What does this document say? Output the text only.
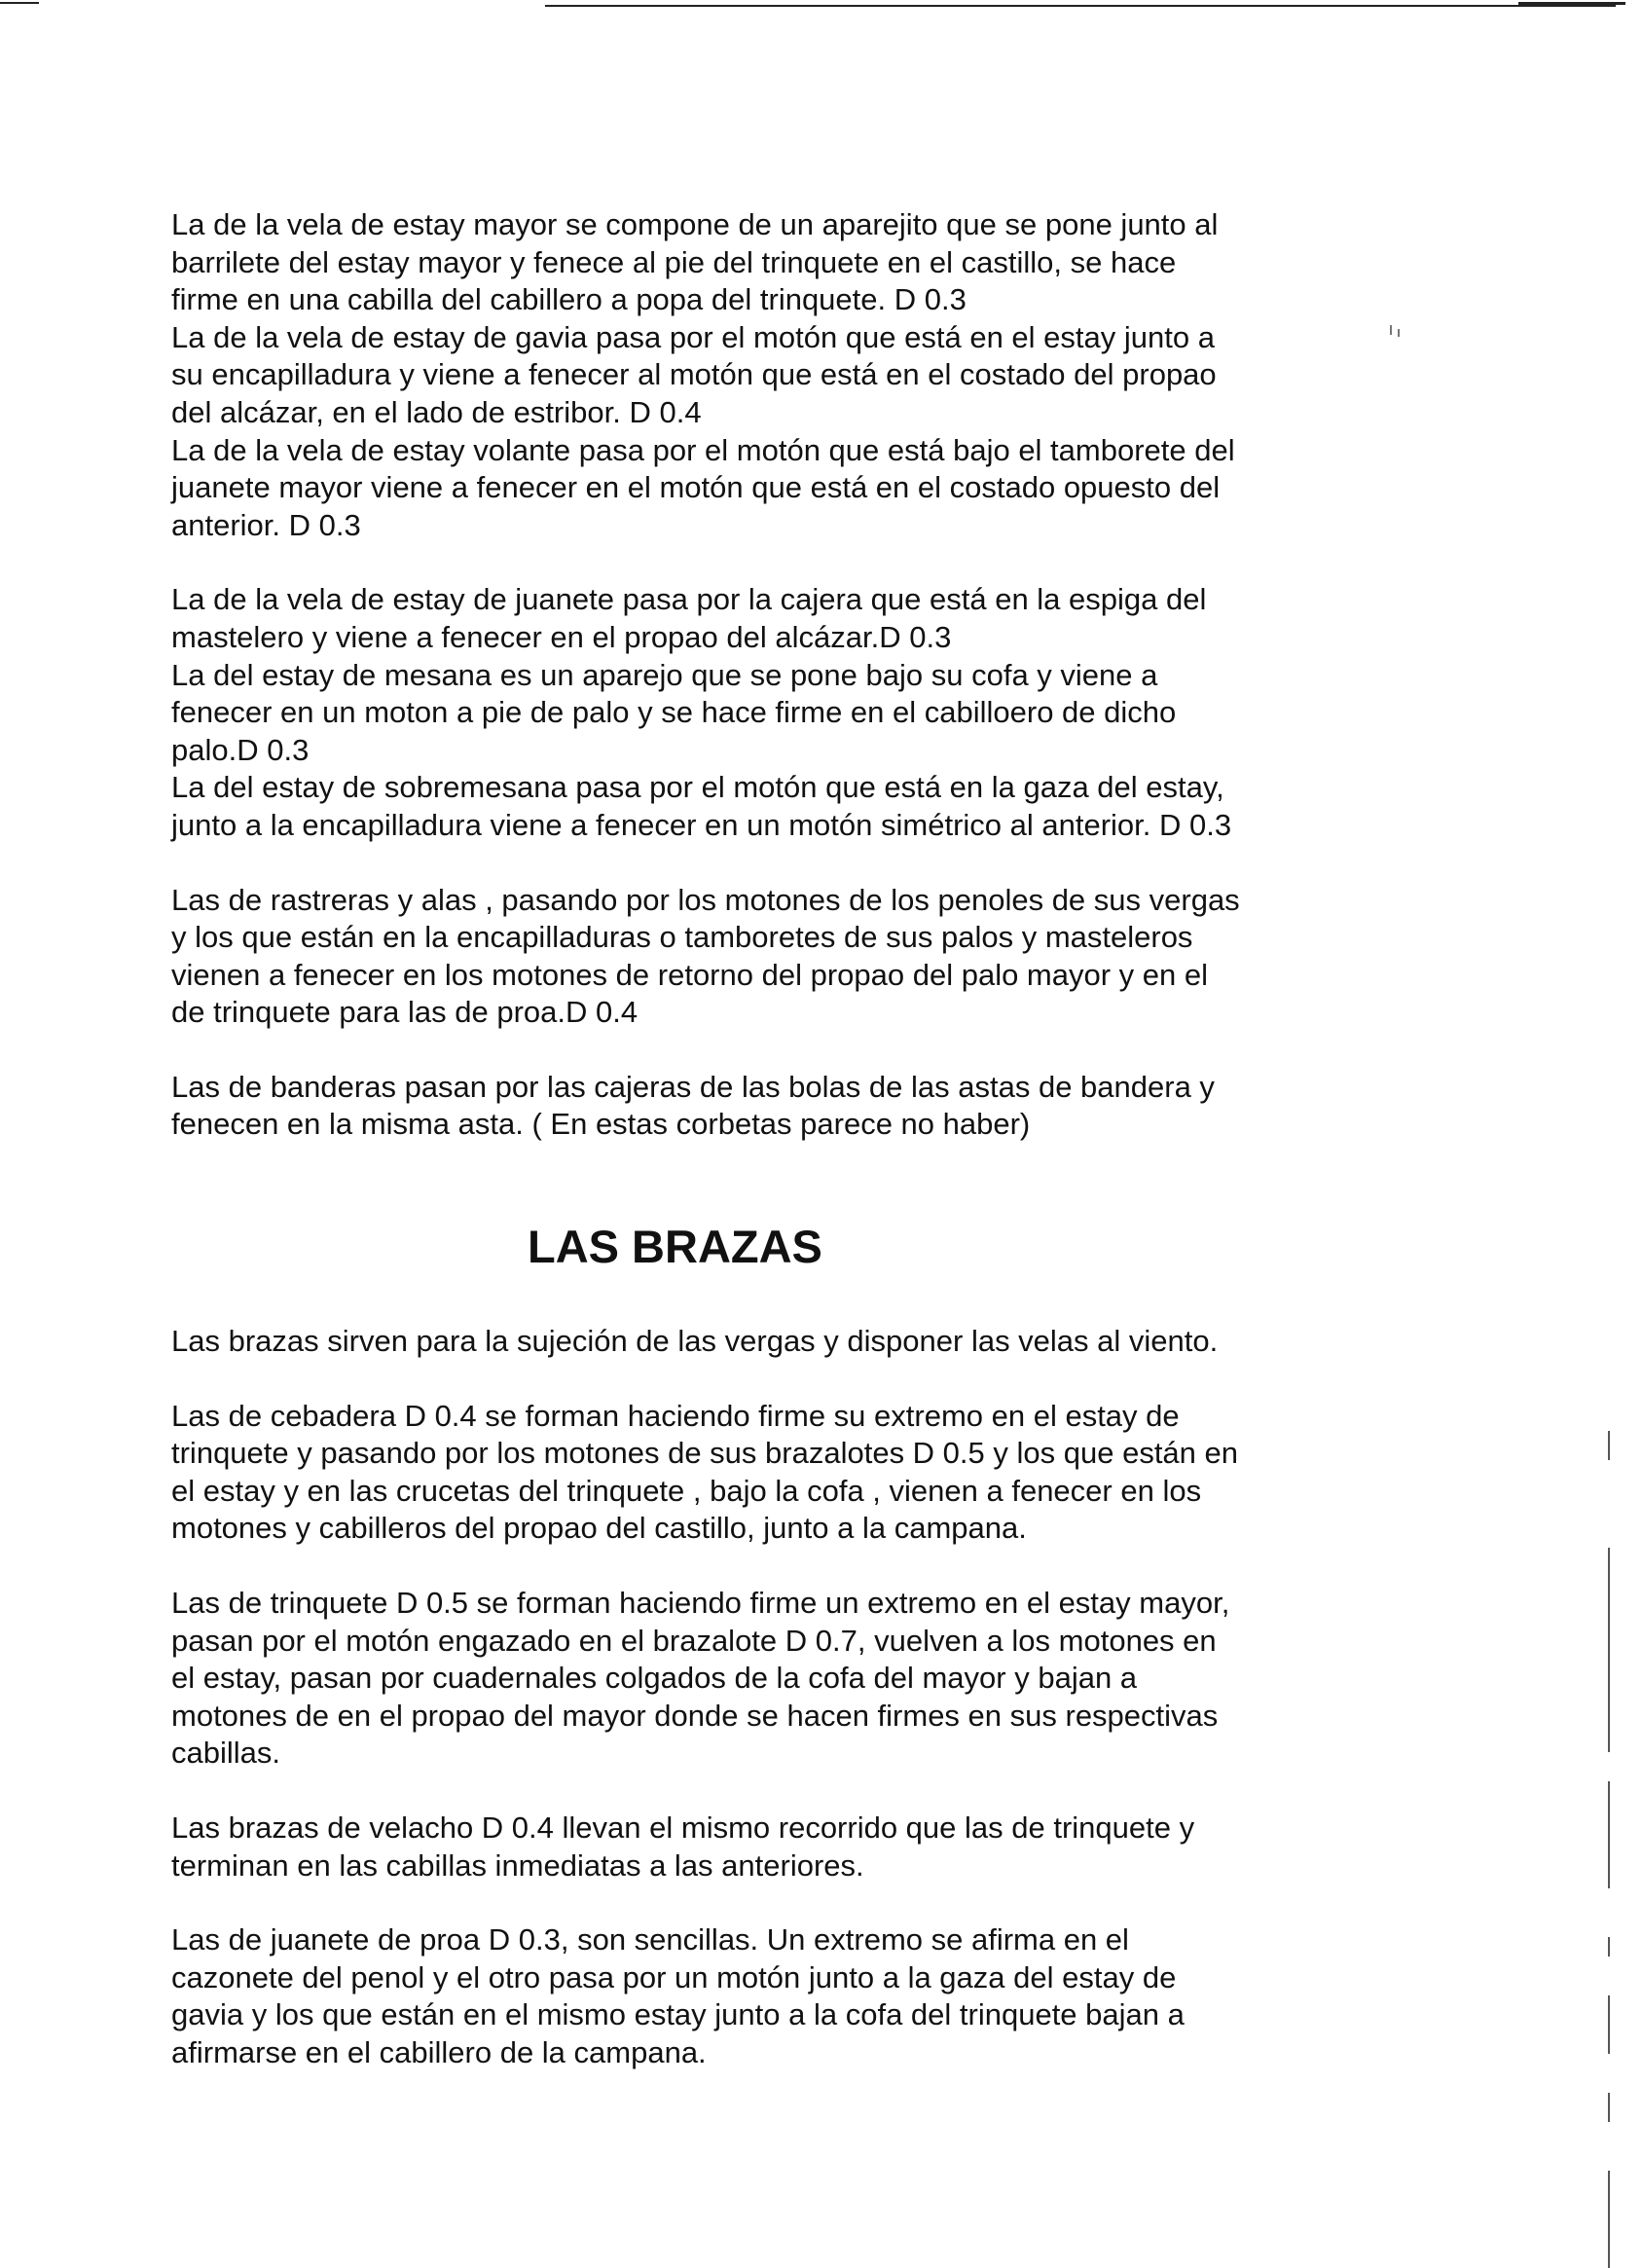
La de la vela de estay mayor se compone de un aparejito que se pone junto al
barrilete del estay mayor y fenece al pie del trinquete en el castillo, se hace
firme en una cabilla del cabillero a popa del trinquete. D 0.3
La de la vela de estay de gavia pasa por el motón que está en el estay junto a
su encapilladura y viene a fenecer al motón que está en el costado del propao
del alcázar, en el lado de estribor. D 0.4
La de la vela de estay volante pasa por el motón que está bajo el tamborete del
juanete mayor viene a fenecer en el motón que está en el costado opuesto del
anterior. D 0.3

La de la vela de estay de juanete pasa por la cajera que está en la espiga del
mastelero y viene a fenecer en el propao del alcázar.D 0.3
La del estay de mesana es un aparejo que se pone bajo su cofa y viene a
fenecer en un moton a pie de palo y se hace firme en el cabilloero de dicho
palo.D 0.3
La del estay de sobremesana pasa por el motón que está en la gaza del estay,
junto a la encapilladura viene a fenecer en un motón simétrico al anterior. D 0.3

Las de rastreras y alas , pasando por los motones de los penoles de sus vergas
y los que están en la encapilladuras o tamboretes de sus palos y masteleros
vienen a fenecer en los motones de retorno del propao del palo mayor y en el
de trinquete para las de proa.D 0.4

Las de banderas pasan por las cajeras de las bolas de las astas de bandera y
fenecen en la misma asta. ( En estas corbetas parece no haber)

LAS BRAZAS

Las brazas sirven para la sujeción de las vergas y disponer las velas al viento.

Las de cebadera D 0.4 se forman haciendo firme su extremo en el estay de
trinquete y pasando por los motones de sus brazalotes D 0.5 y los que están en
el estay y en las crucetas del trinquete , bajo la cofa , vienen a fenecer en los
motones y cabilleros del propao del castillo, junto a la campana.

Las de trinquete D 0.5 se forman haciendo firme un extremo en el estay mayor,
pasan por el motón engazado en el brazalote D 0.7, vuelven a los motones en
el estay, pasan por cuadernales colgados de la cofa del mayor y bajan a
motones de en el propao del mayor donde se hacen firmes en sus respectivas
cabillas.

Las brazas de velacho D 0.4 llevan el mismo recorrido que las de trinquete y
terminan en las cabillas inmediatas a las anteriores.

Las de juanete de proa D 0.3, son sencillas. Un extremo se afirma en el
cazonete del penol y el otro pasa por un motón junto a la gaza del estay de
gavia y los que están en el mismo estay junto a la cofa del trinquete bajan a
afirmarse en el cabillero de la campana.
